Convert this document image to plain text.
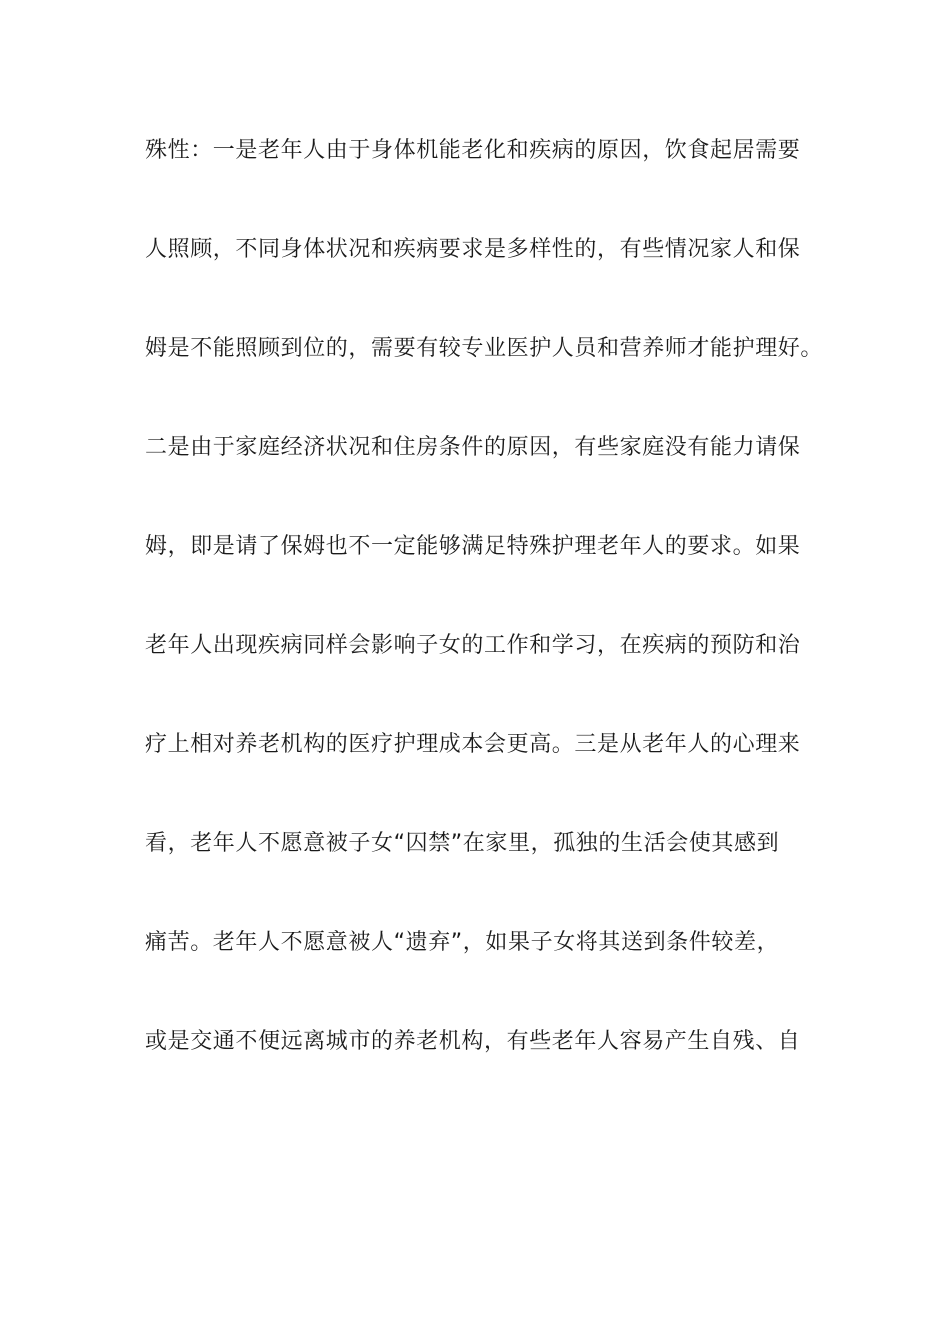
殊性：一是老年人由于身体机能老化和疾病的原因，饮食起居需要
人照顾，不同身体状况和疾病要求是多样性的，有些情况家人和保
姆是不能照顾到位的，需要有较专业医护人员和营养师才能护理好。
二是由于家庭经济状况和住房条件的原因，有些家庭没有能力请保
姆，即是请了保姆也不一定能够满足特殊护理老年人的要求。如果
老年人出现疾病同样会影响子女的工作和学习，在疾病的预防和治
疗上相对养老机构的医疗护理成本会更高。三是从老年人的心理来
看，老年人不愿意被子女“囚禁”在家里，孤独的生活会使其感到
痛苦。老年人不愿意被人“遗弃”，如果子女将其送到条件较差，
或是交通不便远离城市的养老机构，有些老年人容易产生自残、自
